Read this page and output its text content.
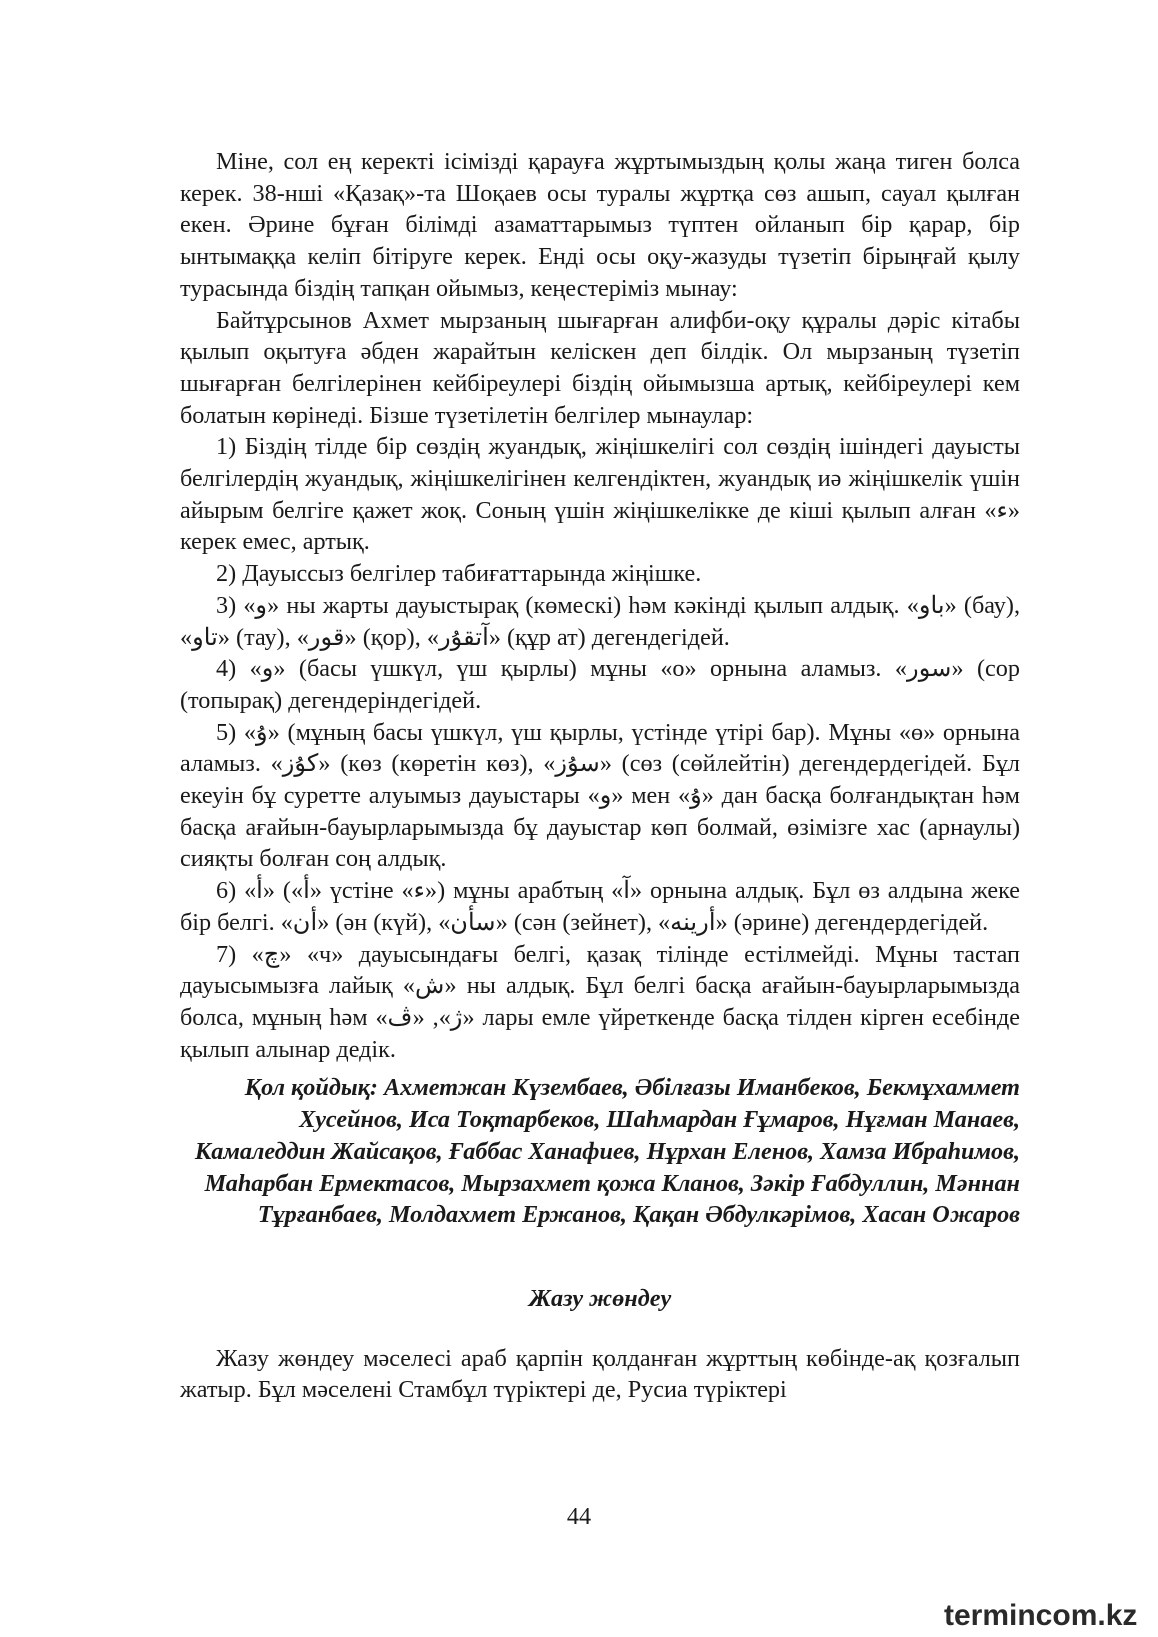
Міне, сол ең керекті ісімізді қарауға жұртымыздың қолы жаңа тиген болса керек. 38-нші «Қазақ»-та Шоқаев осы туралы жұртқа сөз ашып, сауал қылған екен. Әрине бұған білімді азаматтарымыз түптен ойланып бір қарар, бір ынтымаққа келіп бітіруге керек. Енді осы оқу-жазуды түзетіп бірыңғай қылу турасында біздің тапқан ойымыз, кеңестеріміз мынау:

Байтұрсынов Ахмет мырзаның шығарған алифби-оқу құралы дәріс кітабы қылып оқытуға әбден жарайтын келіскен деп білдік. Ол мырзаның түзетіп шығарған белгілерінен кейбіреулері біздің ойымызша артық, кейбіреулері кем болатын көрінеді. Бізше түзетілетін белгілер мынаулар:

1) Біздің тілде бір сөздің жуандық, жіңішкелігі сол сөздің ішіндегі дауысты белгілердің жуандық, жіңішкелігінен келгендіктен, жуандық иә жіңішкелік үшін айырым белгіге қажет жоқ. Соның үшін жіңішкелікке де кіші қылып алған «ء» керек емес, артық.

2) Дауыссыз белгілер табиғаттарында жіңішке.

3) «و» ны жарты дауыстырақ (көмескі) һәм кәкінді қылып алдық. «باو» (бау), «تاو» (тау), «قور» (қор), «آتقۇر» (құр ат) дегендегідей.

4) «و» (басы үшкүл, үш қырлы) мұны «о» орнына аламыз. «سور» (сор (топырақ) дегендеріндегідей.

5) «ۇ» (мұның басы үшкүл, үш қырлы, үстінде үтірі бар). Мұны «ө» орнына аламыз. «كۇز» (көз (көретін көз), «سۇز» (сөз (сөйлейтін) дегендердегідей. Бұл екеуін бұ суретте алуымыз дауыстары «و» мен «ۇ» дан басқа болғандықтан һәм басқа ағайын-бауырларымызда бұ дауыстар көп болмай, өзімізге хас (арнаулы) сияқты болған соң алдық.

6) «أ» («أ» үстіне «ء») мұны арабтың «آ» орнына алдық. Бұл өз алдына жеке бір белгі. «أن» (ән (күй), «سأن» (сән (зейнет), «أرينه» (әрине) дегендердегідей.

7) «چ» «ч» дауысындағы белгі, қазақ тілінде естілмейді. Мұны тастап дауысымызға лайық «ش» ны алдық. Бұл белгі басқа ағайын-бауырларымызда болса, мұның һәм «ژ», «ڤ» лары емле үйреткенде басқа тілден кірген есебінде қылып алынар дедік.

Қол қойдық: Ахметжан Күзембаев, Әбілғазы Иманбеков, Бекмұхаммет Хусейнов, Иса Тоқтарбеков, Шаһмардан Ғұмаров, Нұғман Манаев, Камаледдин Жайсақов, Ғаббас Ханафиев, Нұрхан Еленов, Хамза Ибраһимов, Маһарбан Ермектасов, Мырзахмет қожа Кланов, Зәкір Ғабдуллин, Мәннан Тұрғанбаев, Молдахмет Ержанов, Қақан Әбдулкәрімов, Хасан Ожаров

Жазу жөндеу

Жазу жөндеу мәселесі араб қарпін қолданған жұрттың көбінде-ақ қозғалып жатыр. Бұл мәселені Стамбұл түріктері де, Русиа түріктері

44
termincom.kz
